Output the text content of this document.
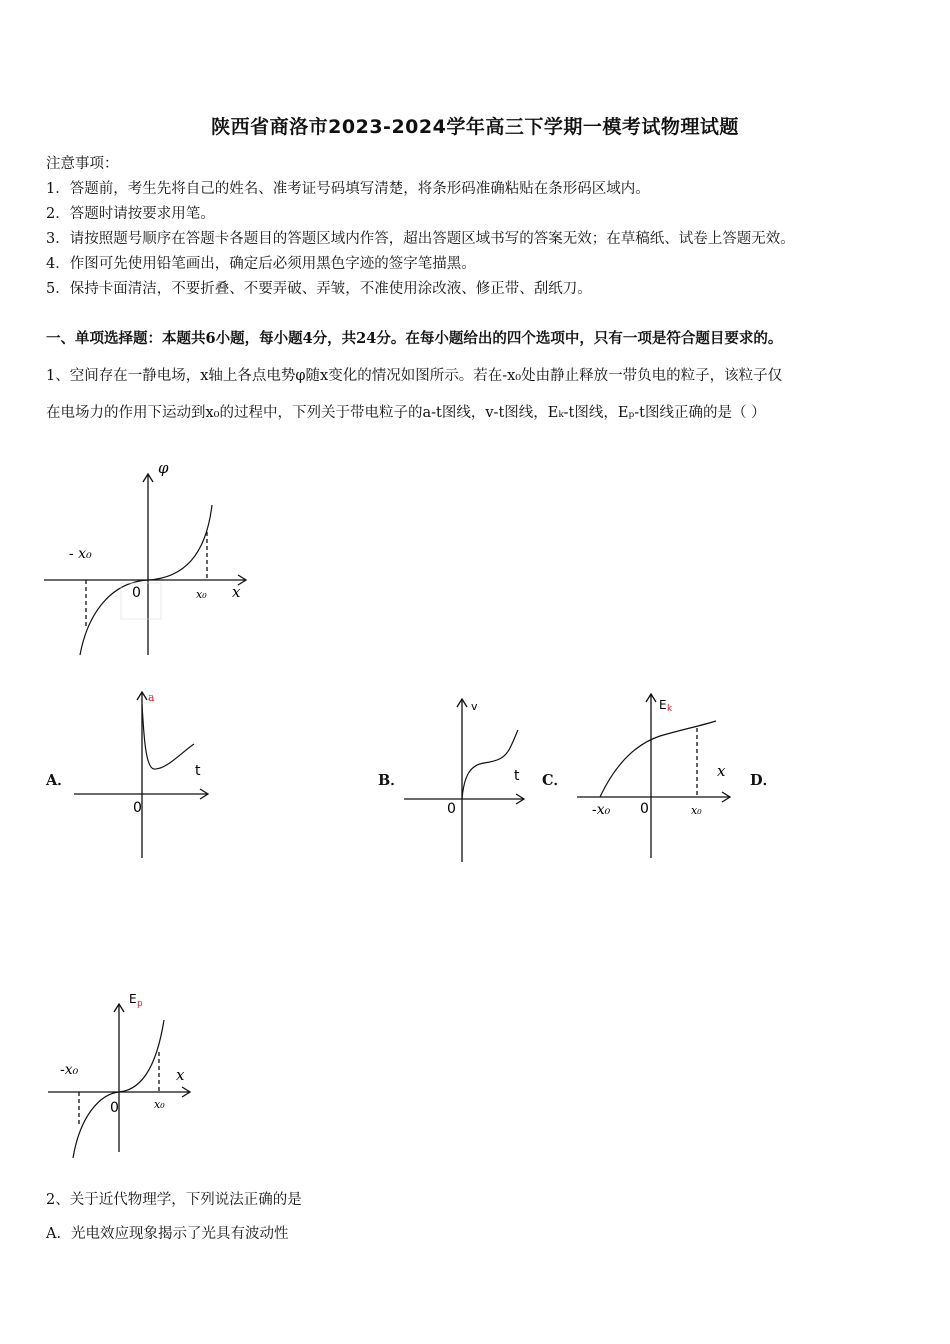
陕西省商洛市2023-2024学年高三下学期一模考试物理试题
注意事项：
1．答题前，考生先将自己的姓名、准考证号码填写清楚，将条形码准确粘贴在条形码区域内。
2．答题时请按要求用笔。
3．请按照题号顺序在答题卡各题目的答题区域内作答，超出答题区域书写的答案无效；在草稿纸、试卷上答题无效。
4．作图可先使用铅笔画出，确定后必须用黑色字迹的签字笔描黑。
5．保持卡面清洁，不要折叠、不要弄破、弄皱，不准使用涂改液、修正带、刮纸刀。
一、单项选择题：本题共6小题，每小题4分，共24分。在每小题给出的四个选项中，只有一项是符合题目要求的。
1、空间存在一静电场，x轴上各点电势φ随x变化的情况如图所示。若在-x₀处由静止释放一带负电的粒子，该粒子仅
在电场力的作用下运动到x₀的过程中，下列关于带电粒子的a-t图线，v-t图线，Eₖ-t图线，Eₚ-t图线正确的是（ ）
φ
x
0
- x₀
x₀
A．
a
t
0
B．
v
t
0
C．
E k
x
0
-x₀	x₀
D．
E p
x
0
-x₀
x₀
2、关于近代物理学，下列说法正确的是
A．光电效应现象揭示了光具有波动性
